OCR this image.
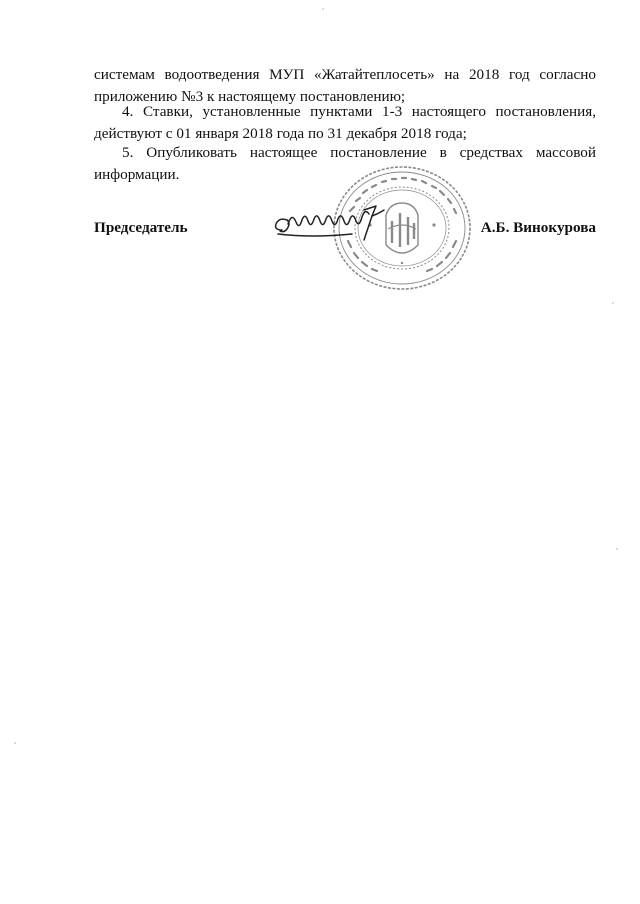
системам водоотведения МУП «Жатайтеплосеть» на 2018 год согласно приложению №3 к настоящему постановлению;

4. Ставки, установленные пунктами 1-3 настоящего постановления, действуют с 01 января 2018 года по 31 декабря 2018 года;

5. Опубликовать настоящее постановление в средствах массовой информации.

Председатель	А.Б. Винокурова
